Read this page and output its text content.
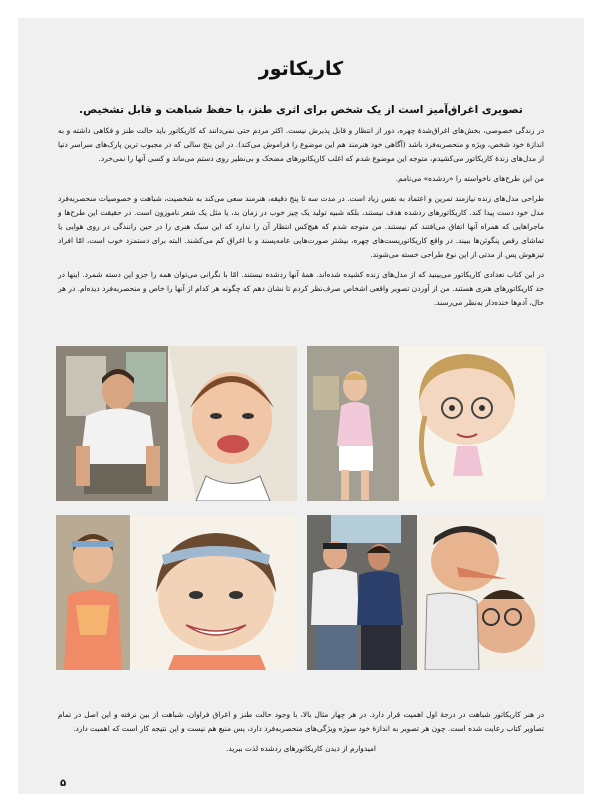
کاریکاتور
تصویری اغراق‌آمیز است از یک شخص برای اثری طنز، با حفظ شباهت و قابل تشخیص.

در زندگی خصوصی، بخش‌های اغراق‌شدهٔ چهره، دور از انتظار و قابل پذیرش نیست. اکثر مردم حتی نمی‌دانند که کاریکاتور باید حالت طنز و فکاهی داشته و به اندازهٔ خود شخص، ویژه و منحصربه‌فرد باشد (آگاهی خود هنرمند هم این موضوع را فراموش می‌کند). در این پنج سالی که در مجبوب ترین پارک‌های سراسر دنیا از مدل‌های زندهٔ کاریکاتور می‌کشیدم، متوجه این موضوع شدم که اغلب کاریکاتورهای مضحک و بی‌نظیر روی دستم می‌ماند و کسی آنها را نمی‌خرد.

من این طرح‌های ناخواسته را «ردشده» می‌نامم.

طراحی مدل‌های زنده نیازمند تمرین و اعتماد به نفس زیاد است. در مدت سه تا پنج دقیقه، هنرمند سعی می‌کند به شخصیت، شباهت و خصوصیات منحصربه‌فرد مدل خود دست پیدا کند. کاریکاتورهای ردشده هدف نیستند، بلکه شبیه تولید یک چیز خوب در زمان بد، یا مثل یک شعر ناموزون است. در حقیقت این طرح‌ها و ماجراهایی که همراه آنها اتفاق می‌افتند کم نیستند. من متوجه شدم که هیچ‌کس انتظار آن را ندارد که این سبک هنری را در حین رانندگی در روی هوایی یا تماشای رقص پنگوئن‌ها ببیند. در واقع کاریکاتوریست‌های چهره، بیشتر صورت‌هایی عامه‌پسند و با اغراق کم می‌کشند. البته برای دستمزد خوب است، امّا افراد تیزهوش پس از مدتی از این نوع طراحی خسته می‌شوند.

در این کتاب تعدادی کاریکاتور می‌بینید که از مدل‌های زنده کشیده شده‌اند. همهٔ آنها ردشده نیستند. امّا با نگرانی می‌توان همه را جزو این دسته شمرد. اینها در حد کاریکاتورهای هنری هستند. من از آوردن تصویر واقعی اشخاص صرف‌نظر کردم تا نشان دهم که چگونه هر کدام از آنها را خاص و منحصربه‌فرد دیده‌ام. در هر حال، آدم‌ها خنده‌دار به‌نظر می‌رسند.

در هنر کاریکاتور شباهت در درجهٔ اول اهمیت قرار دارد. در هر چهار مثال بالا، با وجود حالت طنز و اغراق فراوان، شباهت از بین نرفته و این اصل در تمام تصاویر کتاب رعایت شده است. چون هر تصویر به اندازهٔ خود سوژه ویژگی‌های منحصربه‌فرد دارد، پس منبع هم نیست و این نتیجه کار است که اهمیت دارد.

امیدوارم از دیدن کاریکاتورهای ردشده لذت ببرید.

۵
